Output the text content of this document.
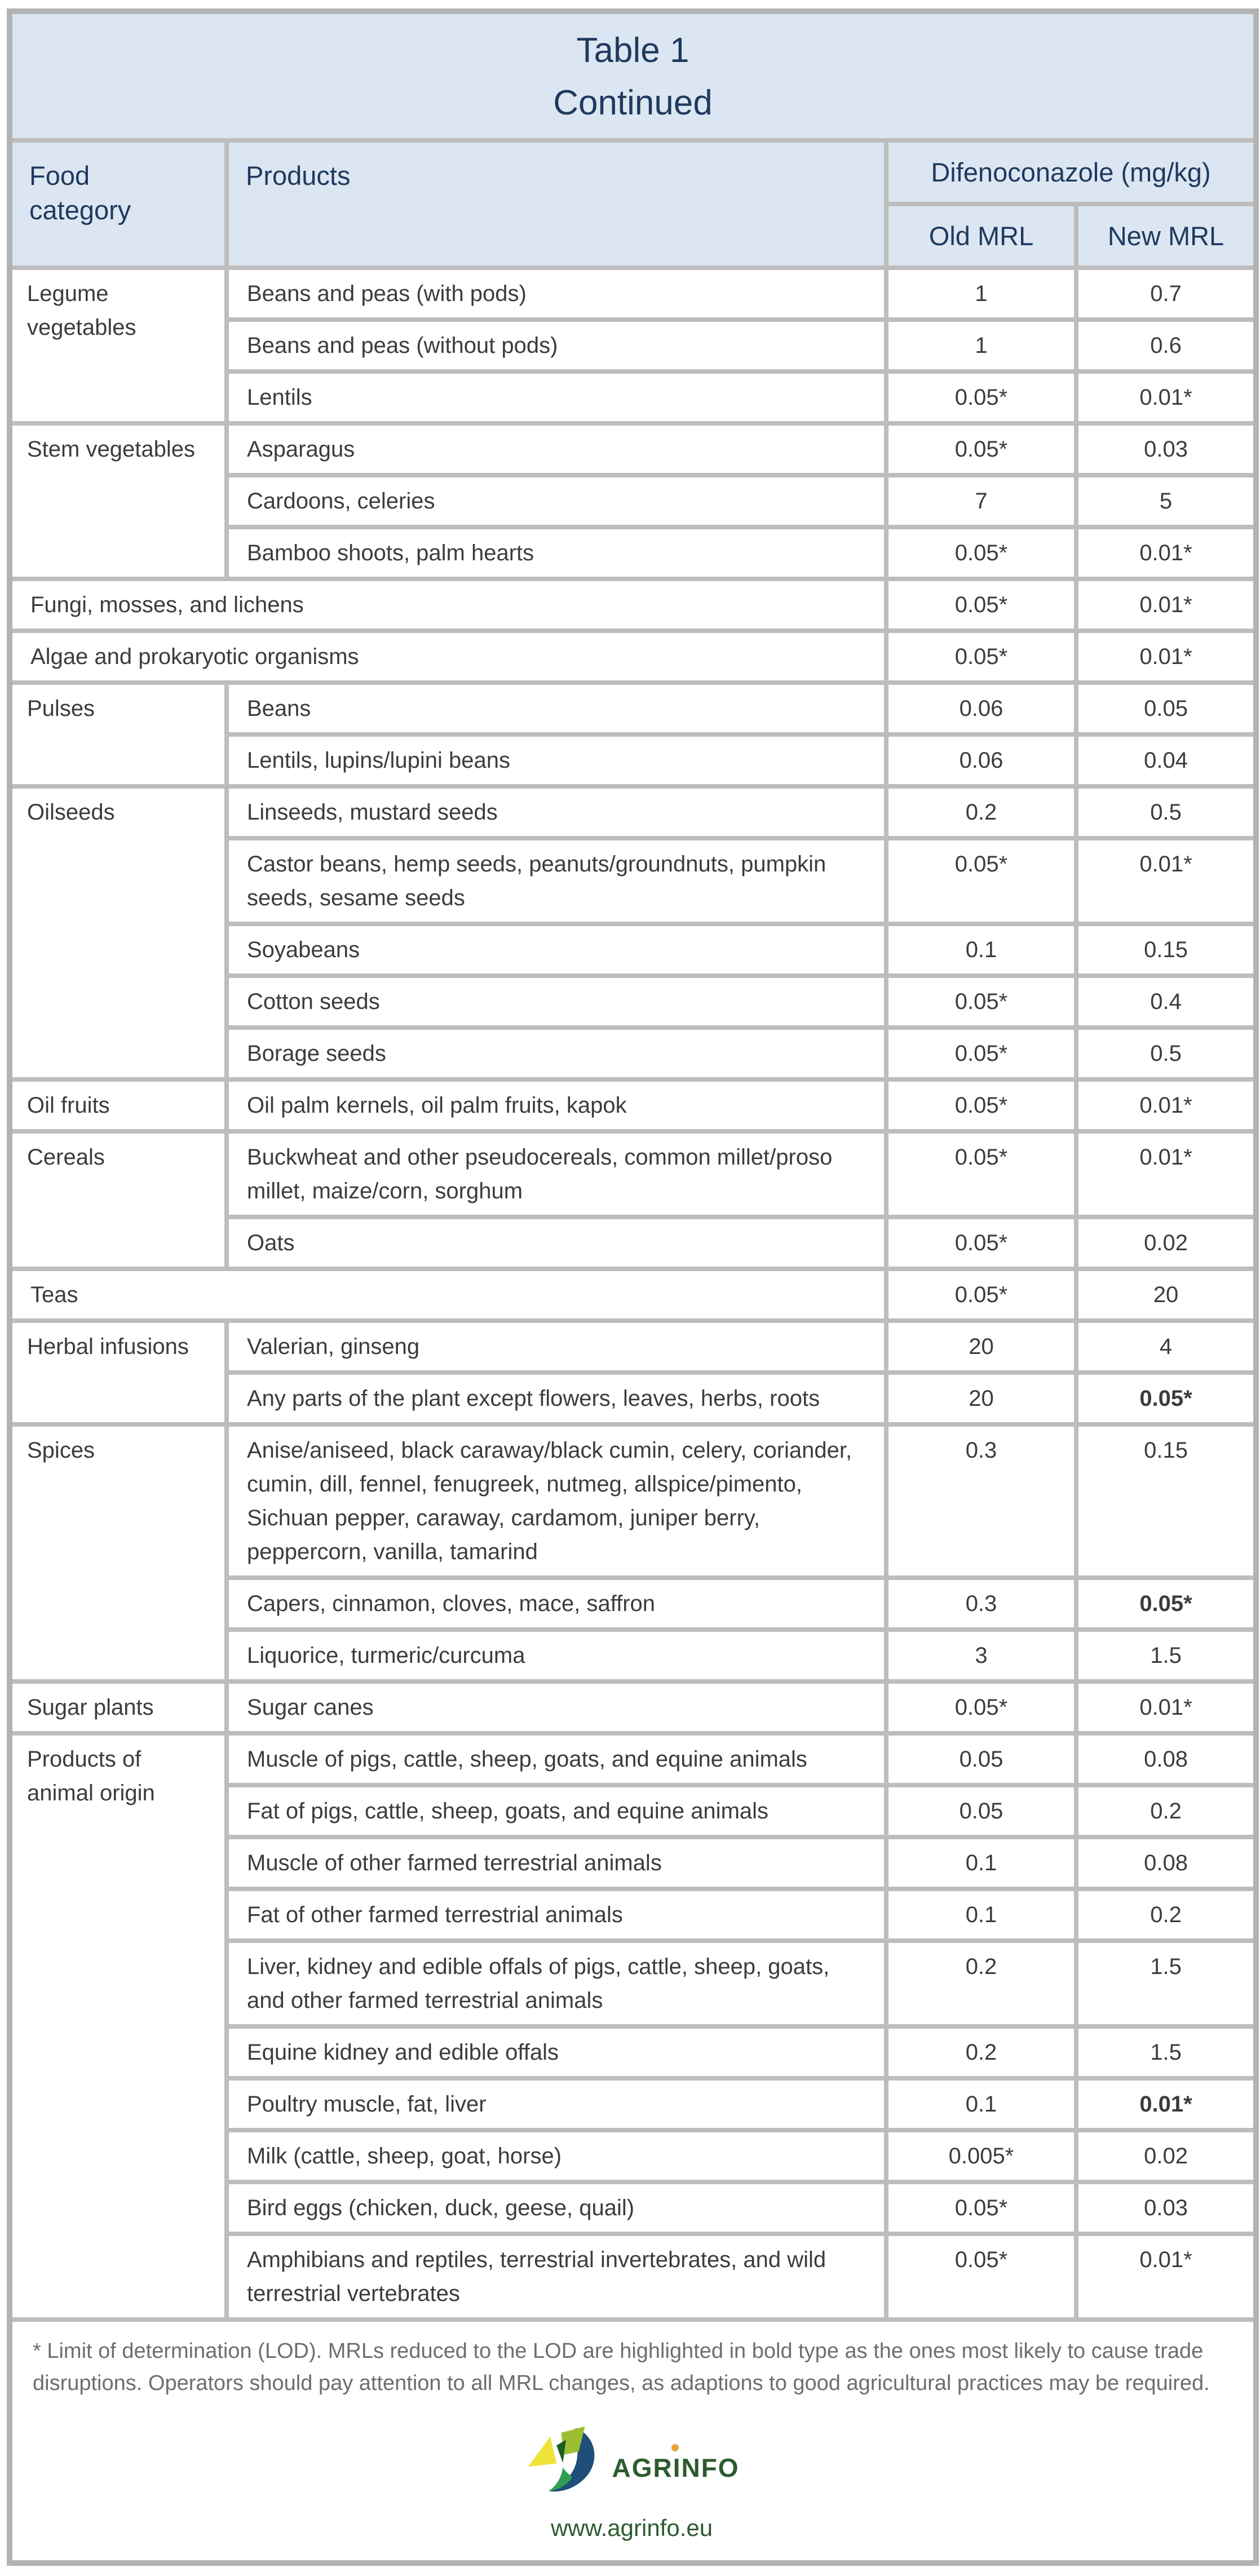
Table 1
Continued			

Food category	Products	Difenoconazole (mg/kg)	
		Old MRL	New MRL
Legume vegetables	Beans and peas (with pods)	1	0.7
	Beans and peas (without pods)	1	0.6
	Lentils	0.05*	0.01*
Stem vegetables	Asparagus	0.05*	0.03
	Cardoons, celeries	7	5
	Bamboo shoots, palm hearts	0.05*	0.01*
Fungi, mosses, and lichens		0.05*	0.01*
Algae and prokaryotic organisms		0.05*	0.01*
Pulses	Beans	0.06	0.05
	Lentils, lupins/lupini beans	0.06	0.04
Oilseeds	Linseeds, mustard seeds	0.2	0.5
	Castor beans, hemp seeds, peanuts/groundnuts, pumpkin seeds, sesame seeds	0.05*	0.01*
	Soyabeans	0.1	0.15
	Cotton seeds	0.05*	0.4
	Borage seeds	0.05*	0.5
Oil fruits	Oil palm kernels, oil palm fruits, kapok	0.05*	0.01*
Cereals	Buckwheat and other pseudocereals, common millet/proso millet, maize/corn, sorghum	0.05*	0.01*
	Oats	0.05*	0.02
Teas		0.05*	20
Herbal infusions	Valerian, ginseng	20	4
	Any parts of the plant except flowers, leaves, herbs, roots	20	0.05*
Spices	Anise/aniseed, black caraway/black cumin, celery, coriander, cumin, dill, fennel, fenugreek, nutmeg, allspice/pimento, Sichuan pepper, caraway, cardamom, juniper berry, peppercorn, vanilla, tamarind	0.3	0.15
	Capers, cinnamon, cloves, mace, saffron	0.3	0.05*
	Liquorice, turmeric/curcuma	3	1.5
Sugar plants	Sugar canes	0.05*	0.01*
Products of animal origin	Muscle of pigs, cattle, sheep, goats, and equine animals	0.05	0.08
	Fat of pigs, cattle, sheep, goats, and equine animals	0.05	0.2
	Muscle of other farmed terrestrial animals	0.1	0.08
	Fat of other farmed terrestrial animals	0.1	0.2
	Liver, kidney and edible offals of pigs, cattle, sheep, goats, and other farmed terrestrial animals	0.2	1.5
	Equine kidney and edible offals	0.2	1.5
	Poultry muscle, fat, liver	0.1	0.01*
	Milk (cattle, sheep, goat, horse)	0.005*	0.02
	Bird eggs (chicken, duck, geese, quail)	0.05*	0.03
	Amphibians and reptiles, terrestrial invertebrates, and wild terrestrial vertebrates	0.05*	0.01*

* Limit of determination (LOD). MRLs reduced to the LOD are highlighted in bold type as the ones most likely to cause trade disruptions. Operators should pay attention to all MRL changes, as adaptions to good agricultural practices may be required.

AGRINFO
www.agrinfo.eu			
